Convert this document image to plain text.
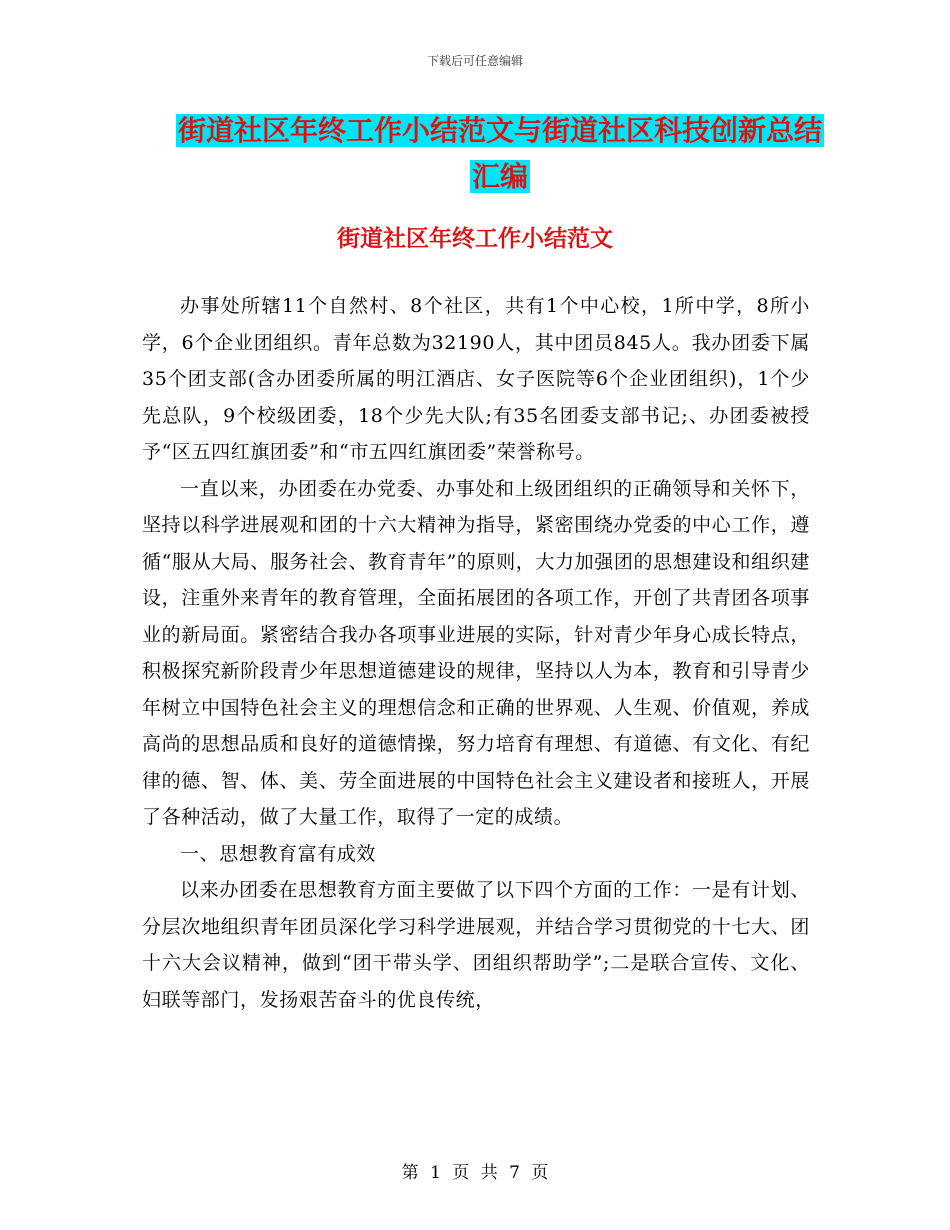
下载后可任意编辑
街道社区年终工作小结范文与街道社区科技创新总结
汇编
街道社区年终工作小结范文

办事处所辖11个自然村、8个社区，共有1个中心校，1所中学，8所小学，6个企业团组织。青年总数为32190人，其中团员845人。我办团委下属35个团支部(含办团委所属的明江酒店、女子医院等6个企业团组织)，1个少先总队，9个校级团委，18个少先大队;有35名团委支部书记;、办团委被授予“区五四红旗团委”和“市五四红旗团委”荣誉称号。

一直以来，办团委在办党委、办事处和上级团组织的正确领导和关怀下，坚持以科学进展观和团的十六大精神为指导，紧密围绕办党委的中心工作，遵循“服从大局、服务社会、教育青年”的原则，大力加强团的思想建设和组织建设，注重外来青年的教育管理，全面拓展团的各项工作，开创了共青团各项事业的新局面。紧密结合我办各项事业进展的实际，针对青少年身心成长特点，积极探究新阶段青少年思想道德建设的规律，坚持以人为本，教育和引导青少年树立中国特色社会主义的理想信念和正确的世界观、人生观、价值观，养成高尚的思想品质和良好的道德情操，努力培育有理想、有道德、有文化、有纪律的德、智、体、美、劳全面进展的中国特色社会主义建设者和接班人，开展了各种活动，做了大量工作，取得了一定的成绩。

一、思想教育富有成效

以来办团委在思想教育方面主要做了以下四个方面的工作：一是有计划、分层次地组织青年团员深化学习科学进展观，并结合学习贯彻党的十七大、团十六大会议精神，做到“团干带头学、团组织帮助学”;二是联合宣传、文化、妇联等部门，发扬艰苦奋斗的优良传统，

第 1 页 共 7 页
